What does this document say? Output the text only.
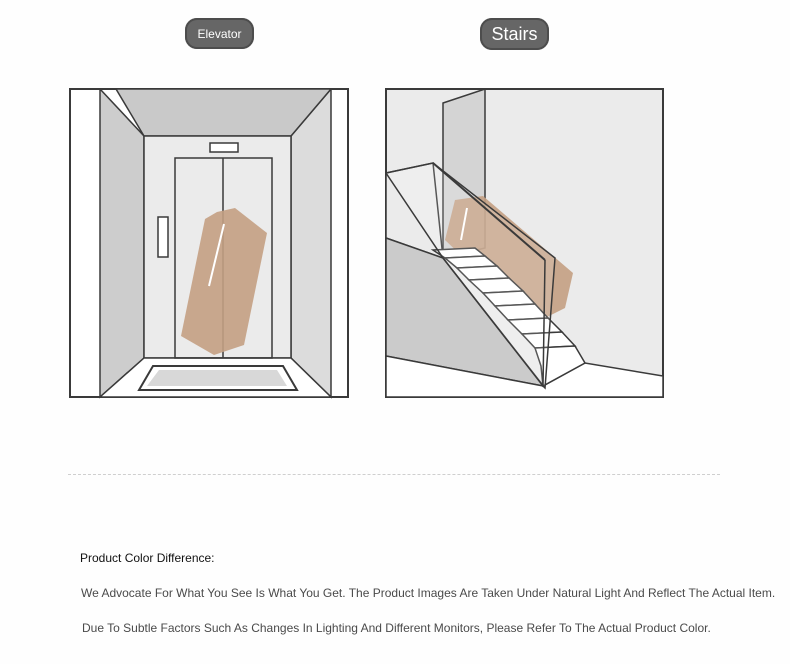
Elevator	Stairs
Product Color Difference:
We Advocate For What You See Is What You Get. The Product Images Are Taken Under Natural Light And Reflect The Actual Item.
Due To Subtle Factors Such As Changes In Lighting And Different Monitors, Please Refer To The Actual Product Color.
